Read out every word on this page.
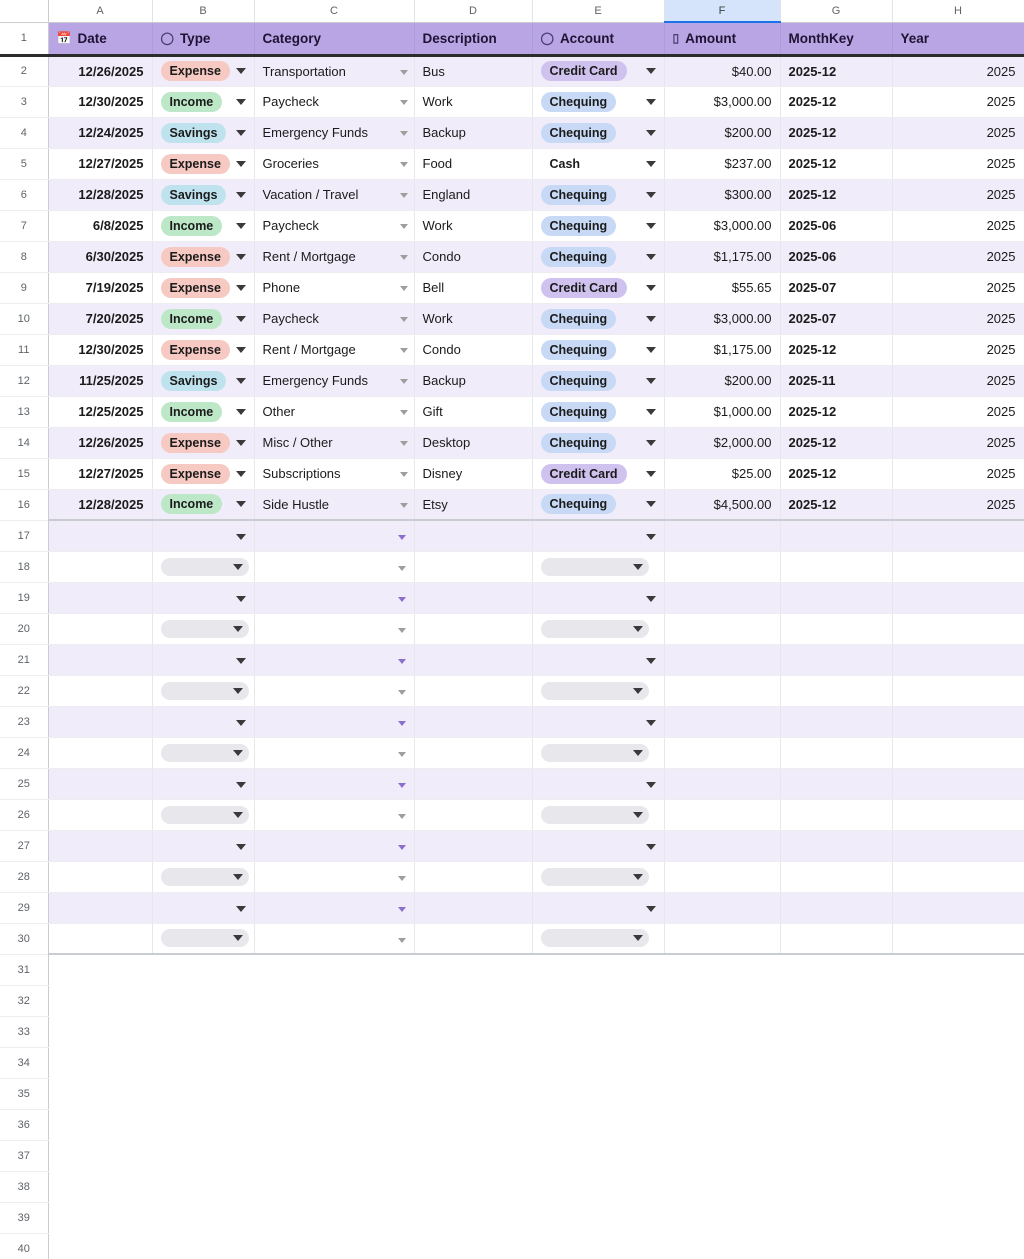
	A	B	C	D	E	F	G	H
1	📅 Date	◯ Type	Category	Description	◯ Account	▯ Amount	MonthKey	Year
2	12/26/2025	Expense	Transportation	Bus	Credit Card	$40.00	2025-12	2025
3	12/30/2025	Income	Paycheck	Work	Chequing	$3,000.00	2025-12	2025
4	12/24/2025	Savings	Emergency Funds	Backup	Chequing	$200.00	2025-12	2025
5	12/27/2025	Expense	Groceries	Food	Cash	$237.00	2025-12	2025
6	12/28/2025	Savings	Vacation / Travel	England	Chequing	$300.00	2025-12	2025
7	6/8/2025	Income	Paycheck	Work	Chequing	$3,000.00	2025-06	2025
8	6/30/2025	Expense	Rent / Mortgage	Condo	Chequing	$1,175.00	2025-06	2025
9	7/19/2025	Expense	Phone	Bell	Credit Card	$55.65	2025-07	2025
10	7/20/2025	Income	Paycheck	Work	Chequing	$3,000.00	2025-07	2025
11	12/30/2025	Expense	Rent / Mortgage	Condo	Chequing	$1,175.00	2025-12	2025
12	11/25/2025	Savings	Emergency Funds	Backup	Chequing	$200.00	2025-11	2025
13	12/25/2025	Income	Other	Gift	Chequing	$1,000.00	2025-12	2025
14	12/26/2025	Expense	Misc / Other	Desktop	Chequing	$2,000.00	2025-12	2025
15	12/27/2025	Expense	Subscriptions	Disney	Credit Card	$25.00	2025-12	2025
16	12/28/2025	Income	Side Hustle	Etsy	Chequing	$4,500.00	2025-12	2025
17								
18		

19								
20		

21								
22		

23								
24		

25								
26		

27								
28		

29								
30		

31								
32								
33								
34								
35								
36								
37								
38								
39								
40								
